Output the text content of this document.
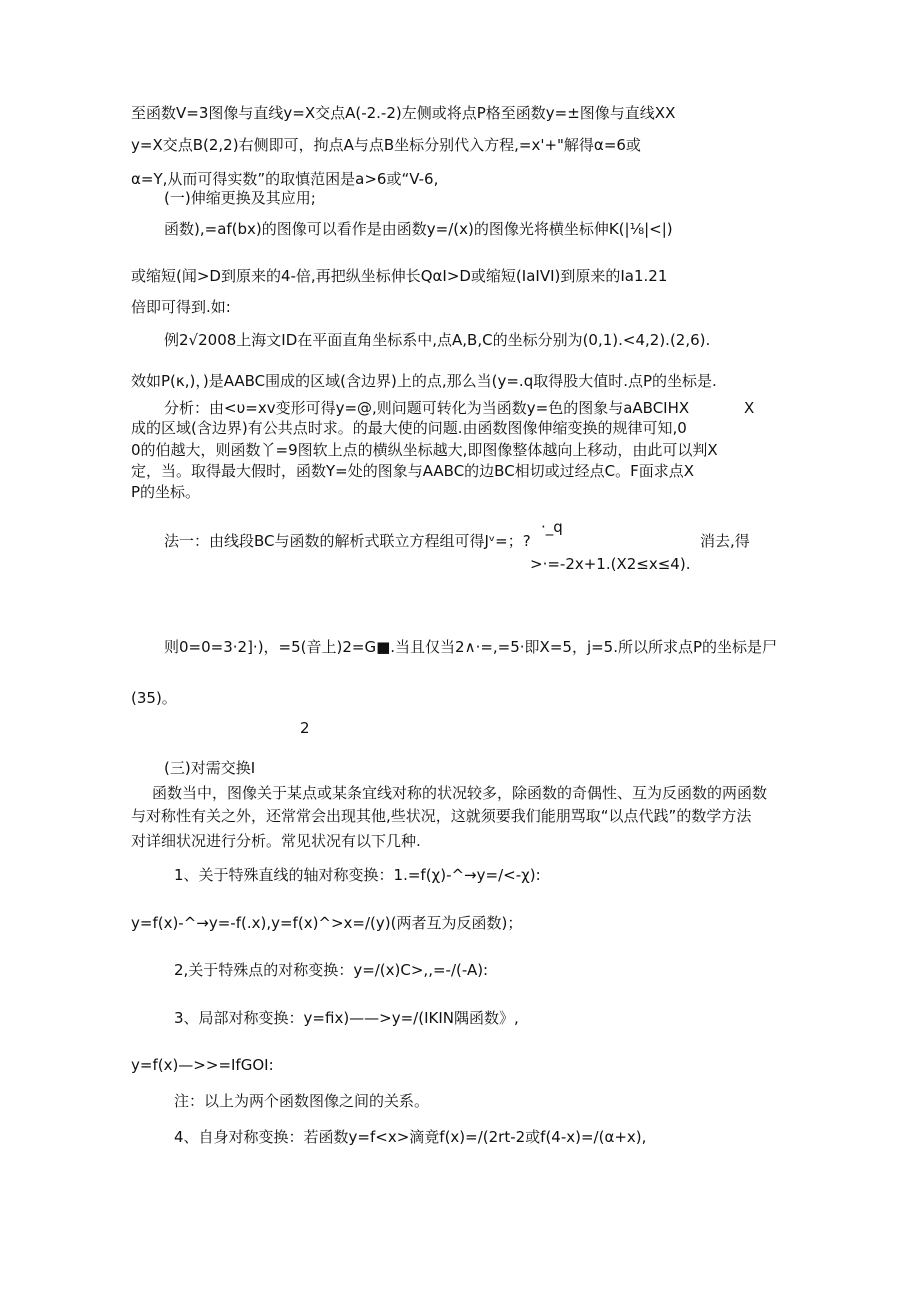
至函数V=3图像与直线y=X交点A(-2.-2)左侧或将点P格至函数y=±图像与直线XX
y=X交点B(2,2)右侧即可，拘点A与点B坐标分别代入方程,=x'+"解得α=6或
α=Y,从而可得实数”的取慎范困是a>6或“V-6,
(一)伸缩更换及其应用;
函数),=af(bx)的图像可以看作是由函数y=/(x)的图像光将横坐标伸K(|⅛|<|)
或缩短(闻>D到原来的4-倍,再把纵坐标伸长QαI>D或缩短(IaIVI)到原来的Ia1.21
倍即可得到.如:
例2√2008上海文ID在平面直角坐标系中,点A,B,C的坐标分别为(0,1).<4,2).(2,6).
效如P(κ,)，)是AABC围成的区域(含边界)上的点,那么当(y=.q取得股大值时.点P的坐标是.
分析：由<υ=xv变形可得y=@,则问题可转化为当函数y=色的图象与aABCIHX	X
成的区域(含边界)有公共点时求。的最大使的问题.由函数图像伸缩变换的规律可知,0
0的伯越大，则函数丫=9图软上点的横纵坐标越大,即图像整体越向上移动，由此可以判X
定，当。取得最大假时，函数Y=处的图象与AABC的边BC相切或过经点C。F面求点X
P的坐标。
·_q
法一：由线段BC与函数的解析式联立方程组可得Jᵛ=；?	消去,得
>·=-2x+1.(X2≤x≤4).
则0=0=3·2]·)，=5(音上)2=G■.当且仅当2∧·=,=5·即X=5，j=5.所以所求点P的坐标是尸
(35)。
2
(三)对需交换I
函数当中，图像关于某点或某条宜线对称的状况较多，除函数的奇偶性、互为反函数的两函数
与对称性有关之外，还常常会出现其他,些状况，这就须要我们能朋骂取“以点代践”的数学方法
对详细状况进行分析。常见状况有以下几种.
1、关于特殊直线的轴对称变换：1.=f(χ)-^→y=/<-χ):
y=f(x)-^→y=-f(.x),y=f(x)^>x=/(y)(两者互为反函数)；
2,关于特殊点的对称变换：y=/(x)C>,,=-/(-A):
3、局部对称变换：y=fix)——>y=/(IKIN隅函数》,
y=f(x)—>>=IfGOI:
注：以上为两个函数图像之间的关系。
4、自身对称变换：若函数y=f<x>滴竟f(x)=/(2rt-2或f(4-x)=/(α+x),
